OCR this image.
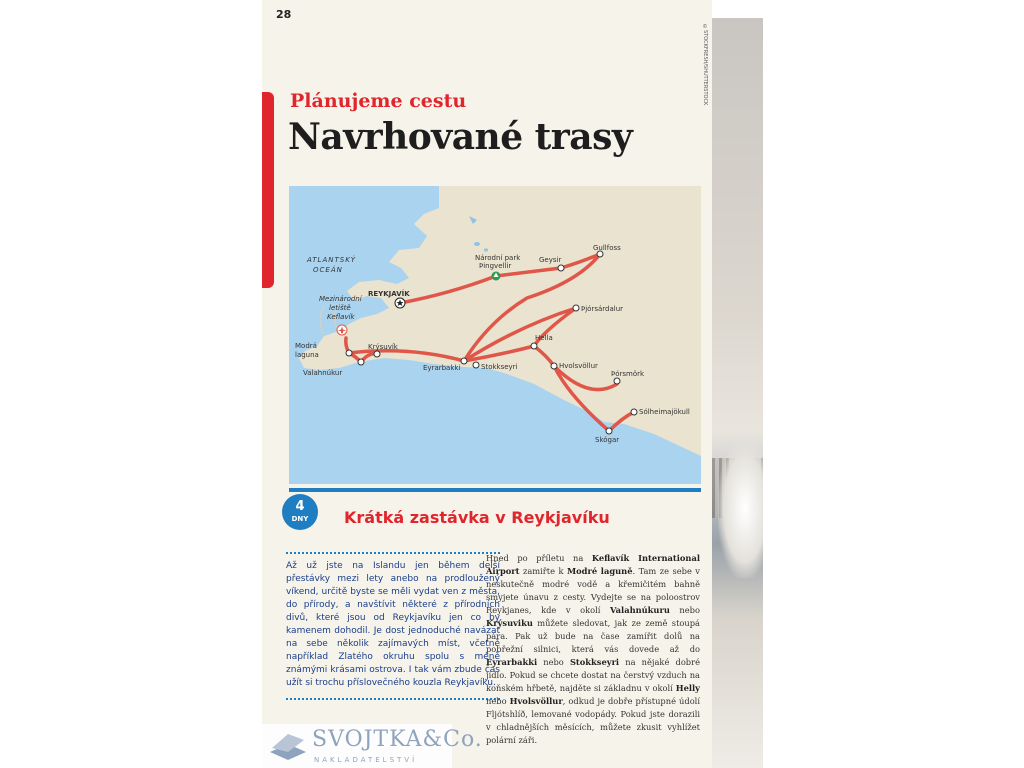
28
Plánujeme cestu
Navrhované trasy
ATLANTSKÝ
OCEÁN
REYKJAVÍK
Mezinárodní
letiště
Keflavík
Modrá
laguna
Valahnúkur
Krýsuvík
Eyrarbakki	Stokkseyri
Národní park
Þingvellir
Geysir
Gullfoss
Þjórsárdalur
Hella
Hvolsvöllur
Þórsmörk
Sólheimajökull
Skógar
4
DNY	Krátká zastávka v Reykjavíku

Až už jste na Islandu jen během delší přestávky mezi lety anebo na prodloužený víkend, určitě byste se měli vydat ven z města, do přírody, a navštívit některé z přírodních divů, které jsou od Reykjavíku jen co by kamenem dohodil. Je dost jednoduché navázat na sebe několik zajímavých míst, včetně například Zlatého okruhu spolu s méně známými krásami ostrova. I tak vám zbude čas užít si trochu příslovečného kouzla Reykjavíku.

Hned po příletu na Keflavík International Airport zamiřte k Modré laguně. Tam ze sebe v neskutečně modré vodě a křemičitém bahně smyjete únavu z cesty. Vydejte se na poloostrov Reykjanes, kde v okolí Valahnúkuru nebo Krýsuviku můžete sledovat, jak ze země stoupá pára. Pak už bude na čase zamířit dolů na pobřežní silnici, která vás dovede až do Eyrarbakki nebo Stokkseyri na nějaké dobré jídlo. Pokud se chcete dostat na čerstvý vzduch na koňském hřbetě, najděte si základnu v okolí Helly nebo Hvolsvöllur, odkud je dobře přístupné údolí Fljótshlíð, lemované vodopády. Pokud jste dorazili v chladnějších měsících, můžete zkusit vyhlížet polární záři.

©STOCKFRESH/SHUTTERSTOCK
SVOJTKA&Co.
NAKLADATELSTVÍ
